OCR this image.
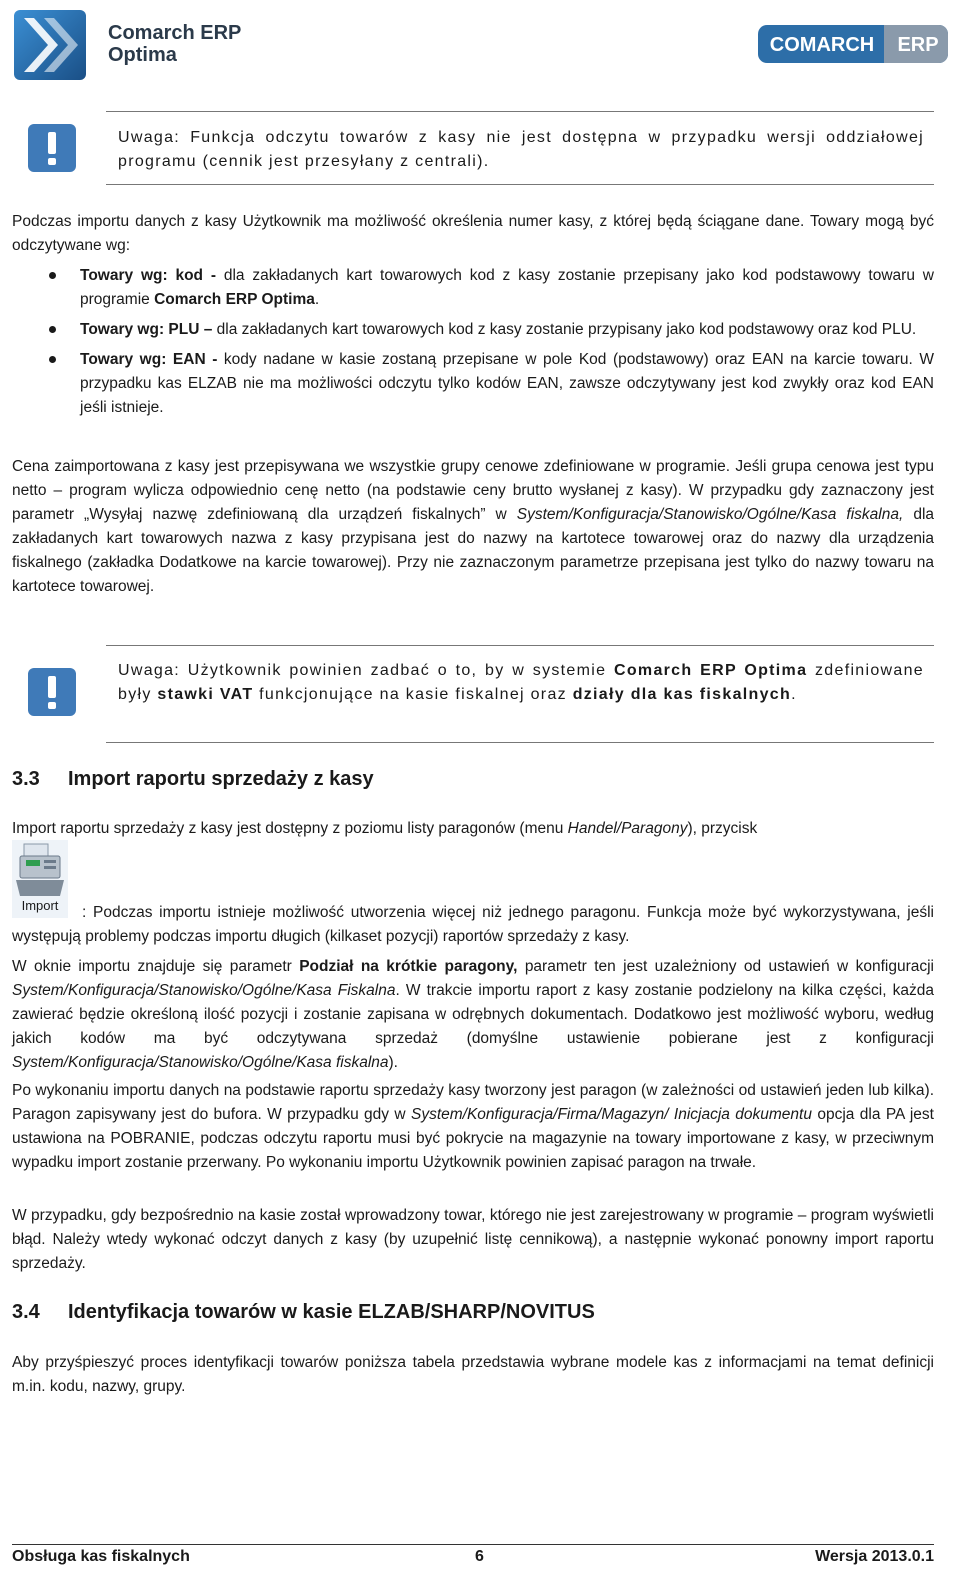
Comarch ERP
Optima	COMARCH ERP

Uwaga: Funkcja odczytu towarów z kasy nie jest dostępna w przypadku wersji oddziałowej programu (cennik jest przesyłany z centrali).

Podczas importu danych z kasy Użytkownik ma możliwość określenia numer kasy, z której będą ściągane dane. Towary mogą być odczytywane wg:

Towary wg: kod - dla zakładanych kart towarowych kod z kasy zostanie przepisany jako kod podstawowy towaru w programie Comarch ERP Optima.
Towary wg: PLU – dla zakładanych kart towarowych kod z kasy zostanie przypisany jako kod podstawowy oraz kod PLU.
Towary wg: EAN - kody nadane w kasie zostaną przepisane w pole Kod (podstawowy) oraz EAN na karcie towaru. W przypadku kas ELZAB nie ma możliwości odczytu tylko kodów EAN, zawsze odczytywany jest kod zwykły oraz kod EAN jeśli istnieje.

Cena zaimportowana z kasy jest przepisywana we wszystkie grupy cenowe zdefiniowane w programie. Jeśli grupa cenowa jest typu netto – program wylicza odpowiednio cenę netto (na podstawie ceny brutto wysłanej z kasy). W przypadku gdy zaznaczony jest parametr „Wysyłaj nazwę zdefiniowaną dla urządzeń fiskalnych” w System/Konfiguracja/Stanowisko/Ogólne/Kasa fiskalna, dla zakładanych kart towarowych nazwa z kasy przypisana jest do nazwy na kartotece towarowej oraz do nazwy dla urządzenia fiskalnego (zakładka Dodatkowe na karcie towarowej). Przy nie zaznaczonym parametrze przepisana jest tylko do nazwy towaru na kartotece towarowej.

Uwaga: Użytkownik powinien zadbać o to, by w systemie Comarch ERP Optima zdefiniowane były stawki VAT funkcjonujące na kasie fiskalnej oraz działy dla kas fiskalnych.

3.3 Import raportu sprzedaży z kasy

Import raportu sprzedaży z kasy jest dostępny z poziomu listy paragonów (menu Handel/Paragony), przycisk

Import	: Podczas importu istnieje możliwość utworzenia więcej niż jednego paragonu. Funkcja może być wykorzystywana, jeśli występują problemy podczas importu długich (kilkaset pozycji) raportów sprzedaży z kasy.

W oknie importu znajduje się parametr Podział na krótkie paragony, parametr ten jest uzależniony od ustawień w konfiguracji System/Konfiguracja/Stanowisko/Ogólne/Kasa Fiskalna. W trakcie importu raport z kasy zostanie podzielony na kilka części, każda zawierać będzie określoną ilość pozycji i zostanie zapisana w odrębnych dokumentach. Dodatkowo jest możliwość wyboru, według jakich kodów ma być odczytywana sprzedaż (domyślne ustawienie pobierane jest z konfiguracji System/Konfiguracja/Stanowisko/Ogólne/Kasa fiskalna).

Po wykonaniu importu danych na podstawie raportu sprzedaży kasy tworzony jest paragon (w zależności od ustawień jeden lub kilka). Paragon zapisywany jest do bufora. W przypadku gdy w System/Konfiguracja/Firma/Magazyn/ Inicjacja dokumentu opcja dla PA jest ustawiona na POBRANIE, podczas odczytu raportu musi być pokrycie na magazynie na towary importowane z kasy, w przeciwnym wypadku import zostanie przerwany. Po wykonaniu importu Użytkownik powinien zapisać paragon na trwałe.

W przypadku, gdy bezpośrednio na kasie został wprowadzony towar, którego nie jest zarejestrowany w programie – program wyświetli błąd. Należy wtedy wykonać odczyt danych z kasy (by uzupełnić listę cennikową), a następnie wykonać ponowny import raportu sprzedaży.

3.4 Identyfikacja towarów w kasie ELZAB/SHARP/NOVITUS

Aby przyśpieszyć proces identyfikacji towarów poniższa tabela przedstawia wybrane modele kas z informacjami na temat definicji m.in. kodu, nazwy, grupy.

Obsługa kas fiskalnych	6	Wersja 2013.0.1
